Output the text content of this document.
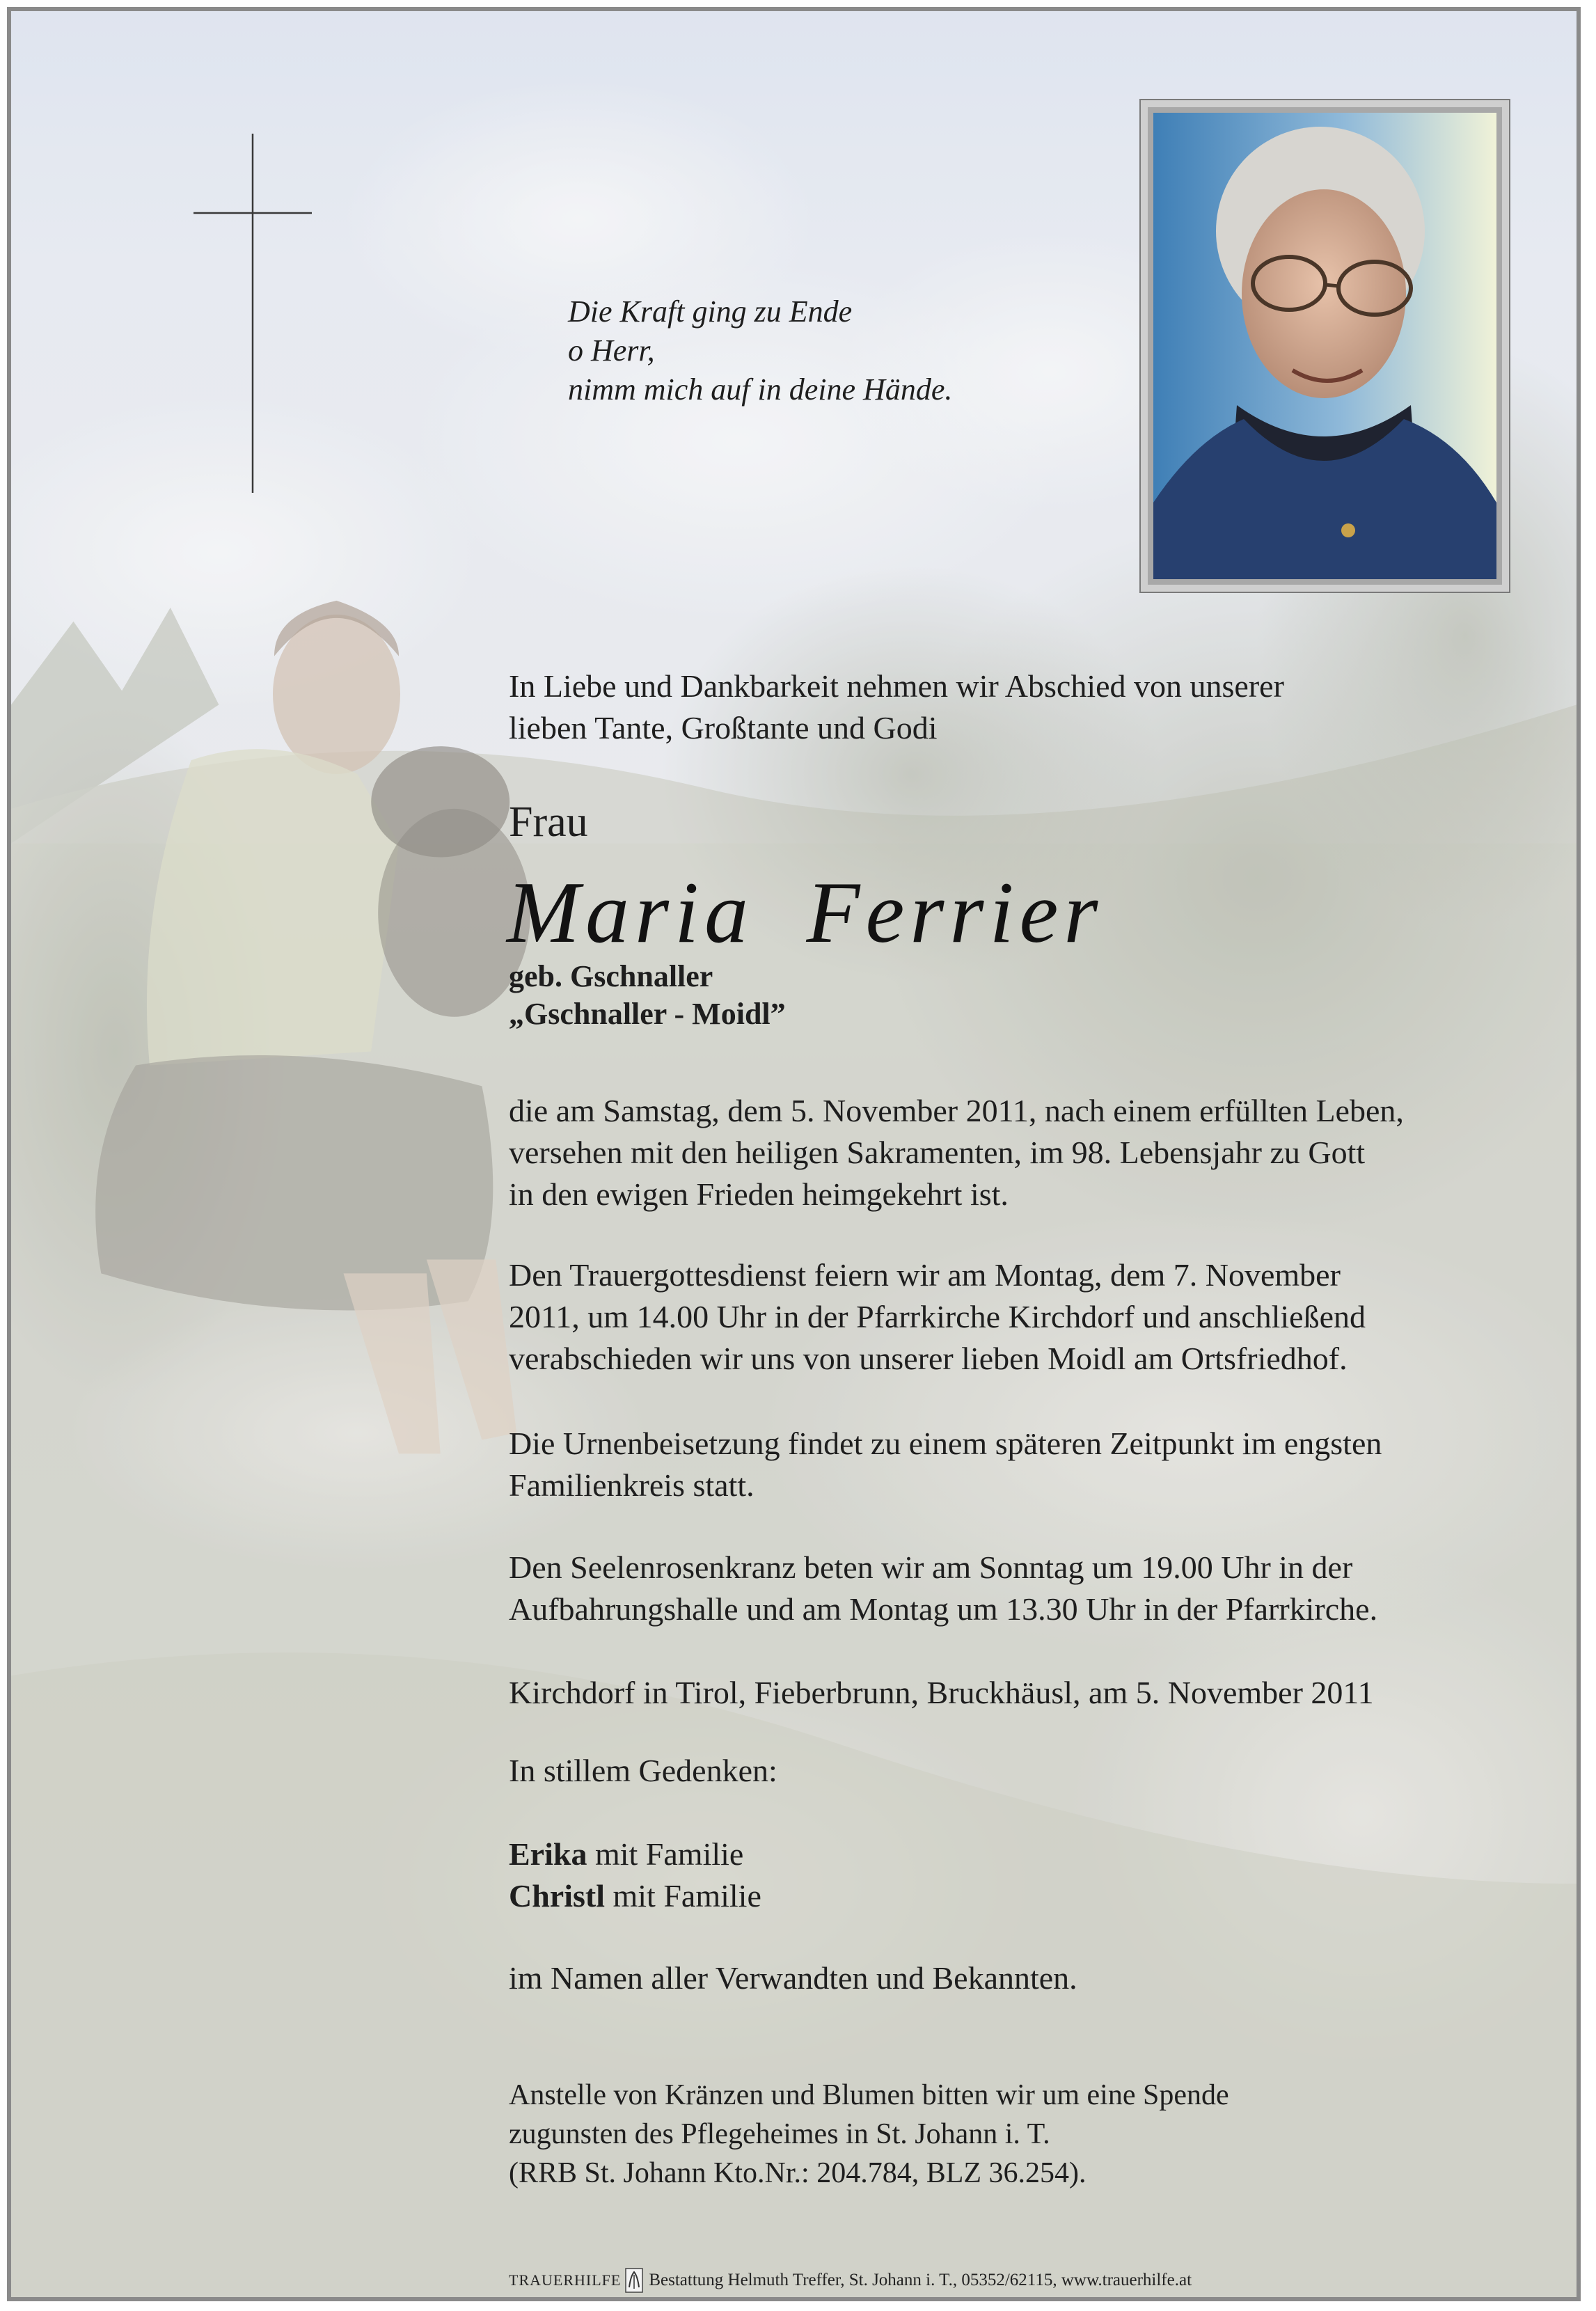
Die Kraft ging zu Ende
o Herr,
nimm mich auf in deine Hände.

In Liebe und Dankbarkeit nehmen wir Abschied von unserer

lieben Tante, Großtante und Godi

Frau
Maria Ferrier
geb. Gschnaller
„Gschnaller - Moidl”

die am Samstag, dem 5. November 2011, nach einem erfüllten Leben,

versehen mit den heiligen Sakramenten, im 98. Lebensjahr zu Gott

in den ewigen Frieden heimgekehrt ist.

Den Trauergottesdienst feiern wir am Montag, dem 7. November

2011, um 14.00 Uhr in der Pfarrkirche Kirchdorf und anschließend

verabschieden wir uns von unserer lieben Moidl am Ortsfriedhof.

Die Urnenbeisetzung findet zu einem späteren Zeitpunkt im engsten

Familienkreis statt.

Den Seelenrosenkranz beten wir am Sonntag um 19.00 Uhr in der

Aufbahrungshalle und am Montag um 13.30 Uhr in der Pfarrkirche.

Kirchdorf in Tirol, Fieberbrunn, Bruckhäusl, am 5. November 2011

In stillem Gedenken:

Erika mit Familie

Christl mit Familie

im Namen aller Verwandten und Bekannten.

Anstelle von Kränzen und Blumen bitten wir um eine Spende

zugunsten des Pflegeheimes in St. Johann i. T.

(RRB St. Johann Kto.Nr.: 204.784, BLZ 36.254).

TRAUERHILFE Bestattung Helmuth Treffer, St. Johann i. T., 05352/62115, www.trauerhilfe.at
